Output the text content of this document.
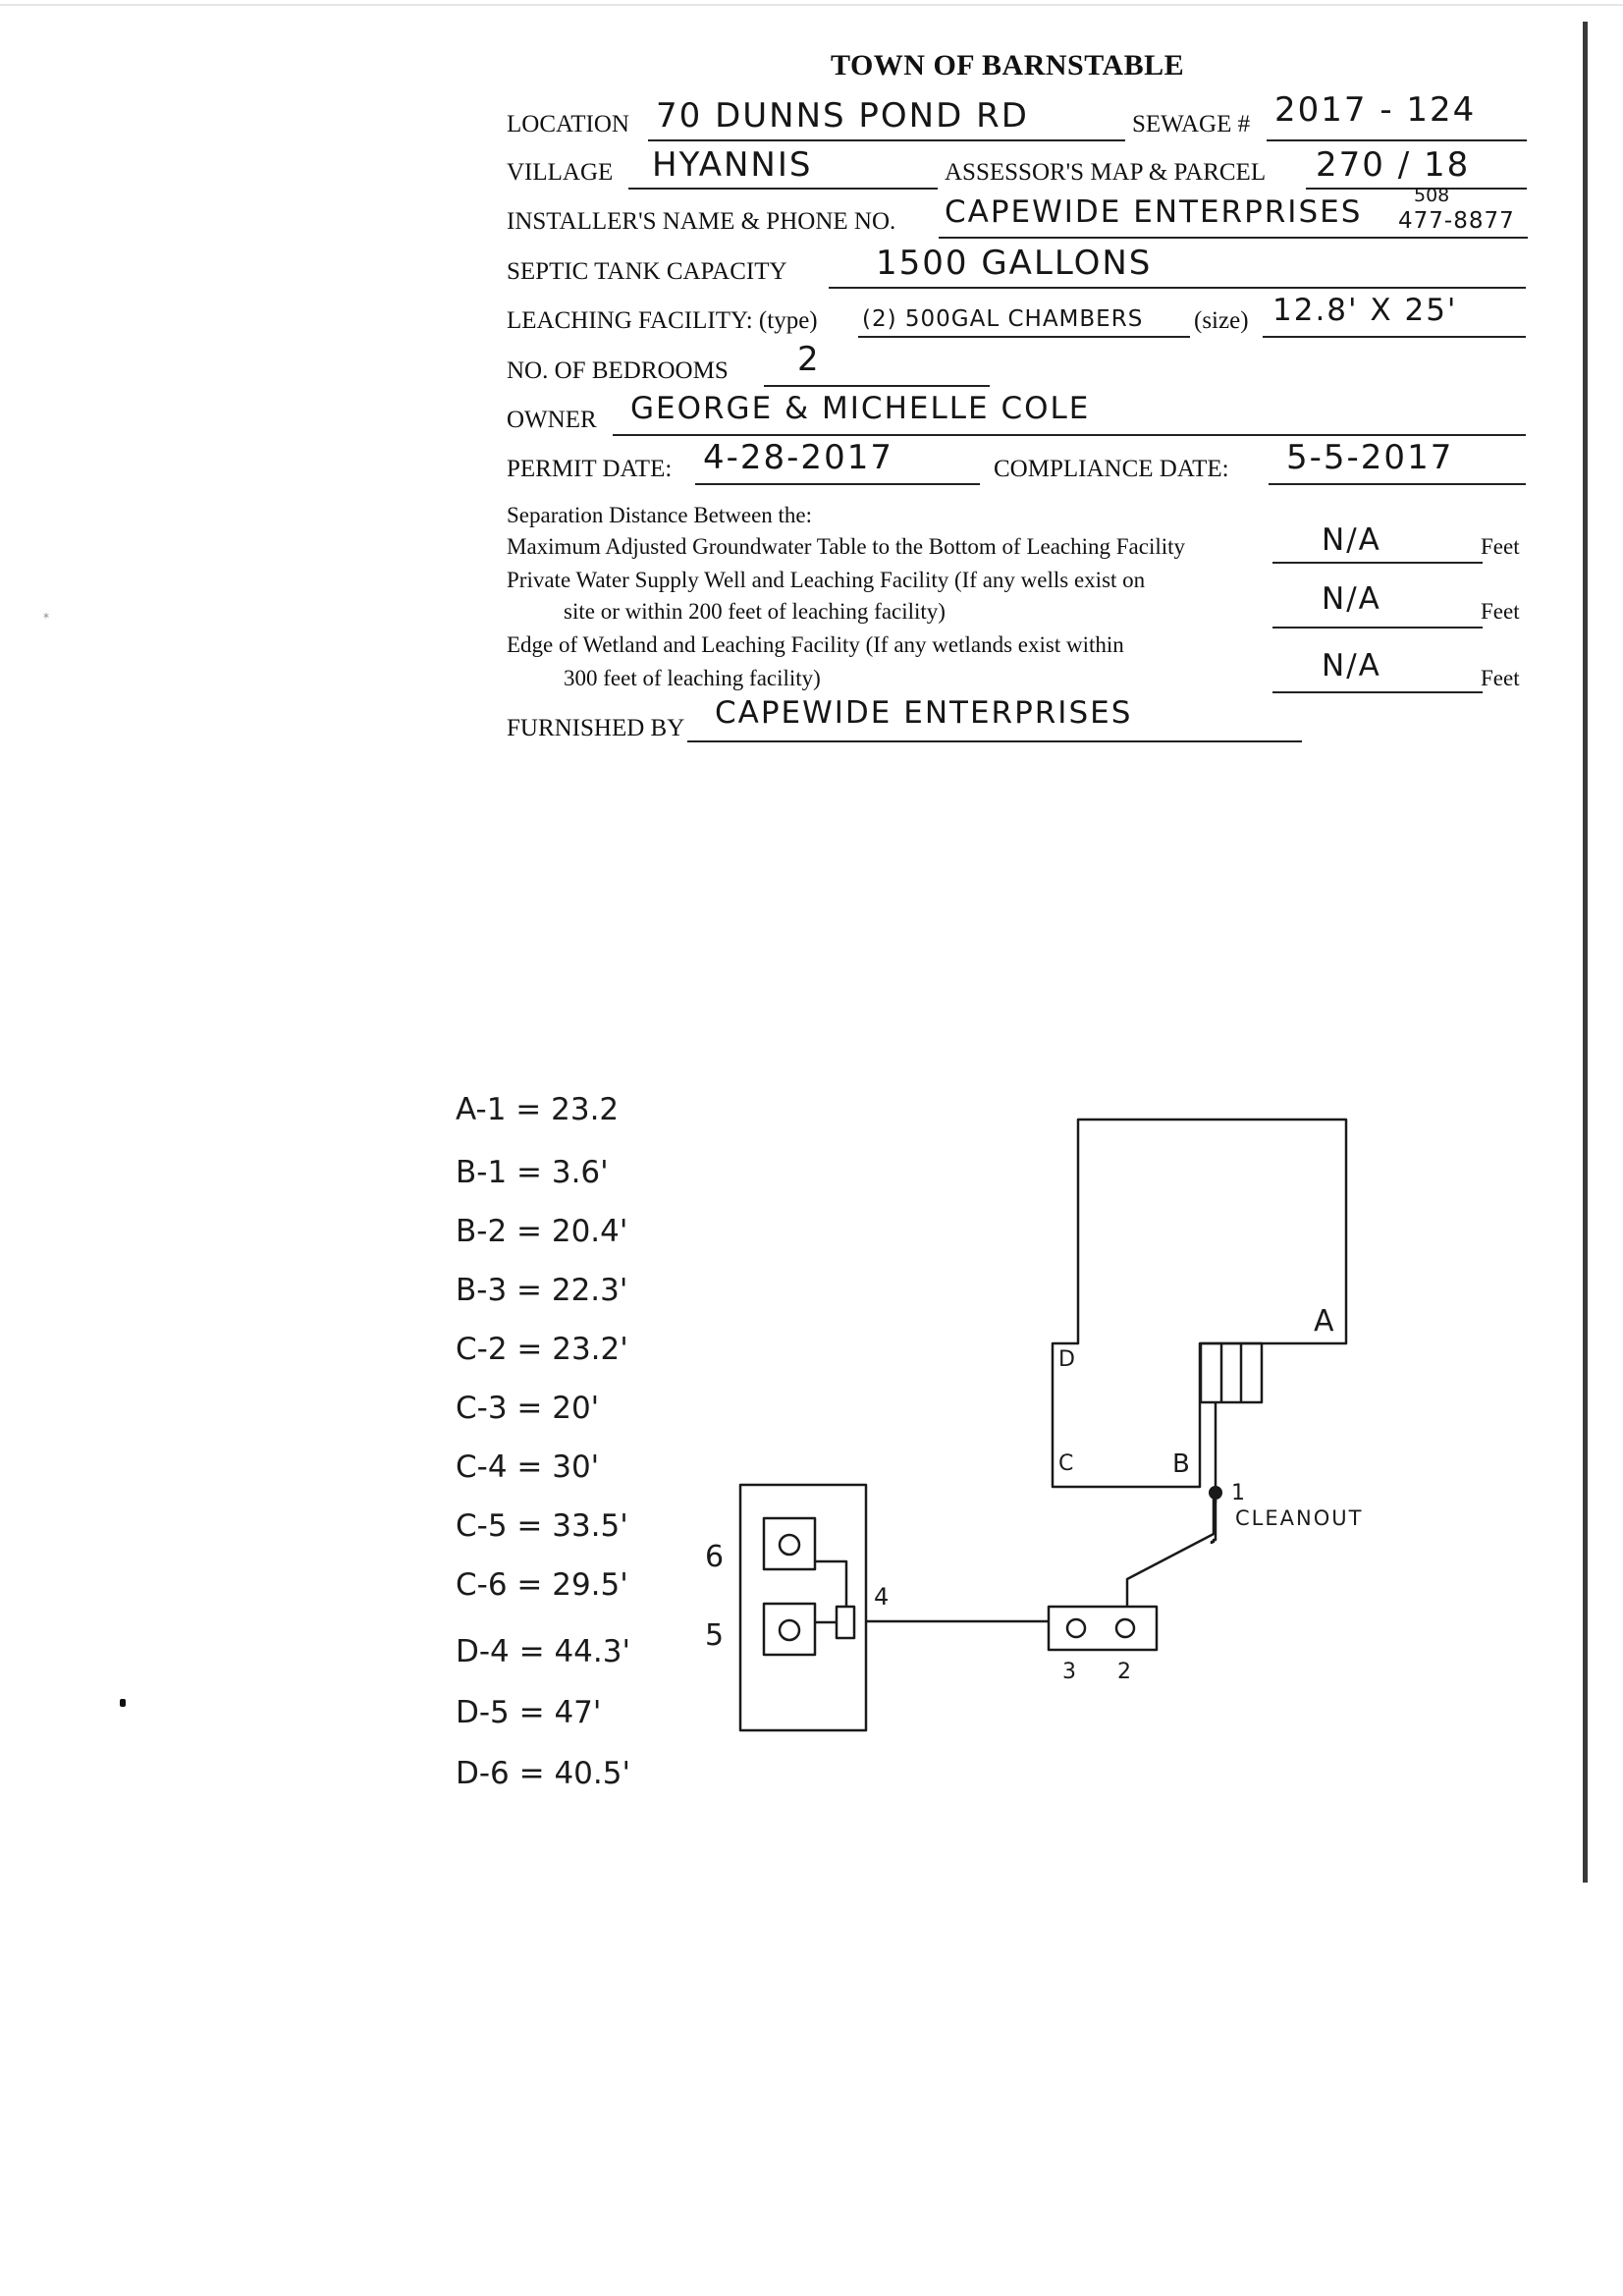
*
TOWN OF BARNSTABLE
LOCATION 70 DUNNS POND RD	SEWAGE # 2017 - 124
VILLAGE HYANNIS	ASSESSOR'S MAP & PARCEL 270 / 18
INSTALLER'S NAME & PHONE NO. CAPEWIDE ENTERPRISES	508
477-8877
SEPTIC TANK CAPACITY	1500 GALLONS
LEACHING FACILITY: (type) (2) 500GAL CHAMBERS (size) 12.8' X 25'
NO. OF BEDROOMS 2
OWNER GEORGE & MICHELLE COLE
PERMIT DATE: 4-28-2017	COMPLIANCE DATE: 5-5-2017
Separation Distance Between the:
Maximum Adjusted Groundwater Table to the Bottom of Leaching Facility	N/A	Feet
Private Water Supply Well and Leaching Facility (If any wells exist on
site or within 200 feet of leaching facility)	N/A	Feet
Edge of Wetland and Leaching Facility (If any wetlands exist within
300 feet of leaching facility)	N/A	Feet
FURNISHED BY CAPEWIDE ENTERPRISES
A
B
C
D
1
CLEANOUT
2
3
4
5
6
A-1 = 23.2
B-1 = 3.6'
B-2 = 20.4'
B-3 = 22.3'
C-2 = 23.2'
C-3 = 20'
C-4 = 30'
C-5 = 33.5'
C-6 = 29.5'
D-4 = 44.3'
D-5 = 47'
D-6 = 40.5'
